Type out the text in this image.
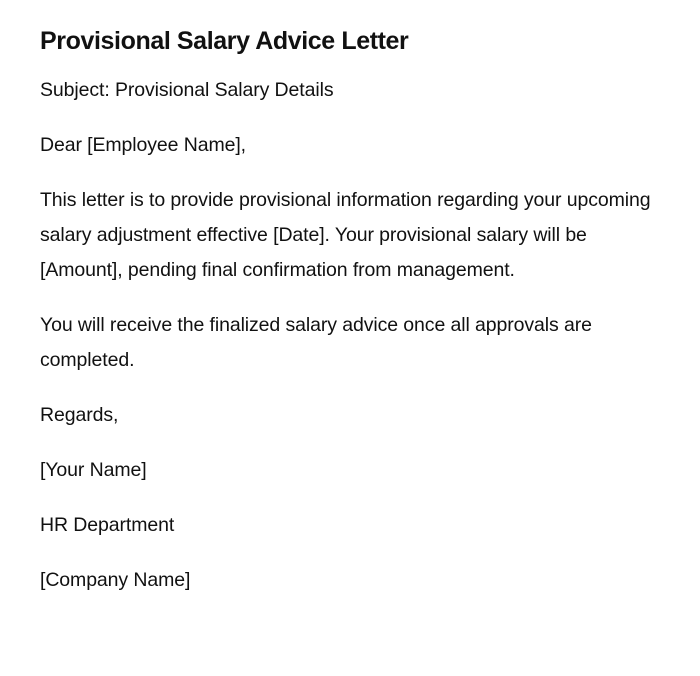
Provisional Salary Advice Letter

Subject: Provisional Salary Details

Dear [Employee Name],

This letter is to provide provisional information regarding your upcoming salary adjustment effective [Date]. Your provisional salary will be [Amount], pending final confirmation from management.

You will receive the finalized salary advice once all approvals are completed.

Regards,

[Your Name]

HR Department

[Company Name]
